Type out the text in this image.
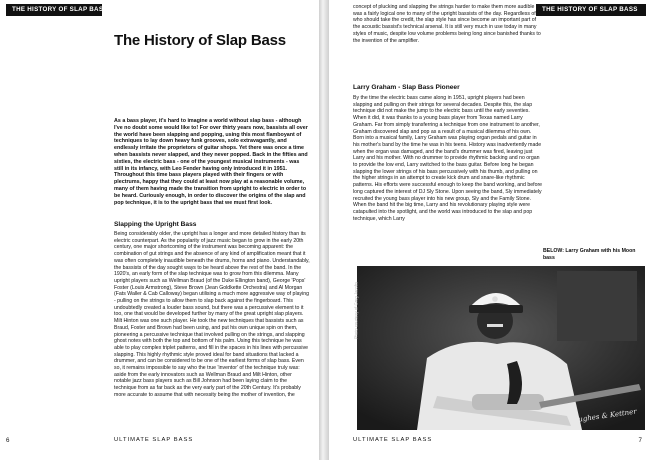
THE HISTORY OF SLAP BASS
The History of Slap Bass

As a bass player, it's hard to imagine a world without slap bass - although I've no doubt some would like to! For over thirty years now, bassists all over the world have been slapping and popping, using this most flamboyant of techniques to lay down heavy funk grooves, solo extravagantly, and endlessly irritate the proprietors of guitar shops. Yet there was once a time when bassists never slapped, and they never popped. Back in the fifties and sixties, the electric bass - one of the youngest musical instruments - was still in its infancy, with Leo Fender having only introduced it in 1951. Throughout this time bass players played with their fingers or with plectrums, happy that they could at least now play at a reasonable volume, many of them having made the transition from upright to electric in order to be heard. Curiously enough, in order to discover the origins of the slap and pop technique, it is to the upright bass that we must first look.

Slapping the Upright Bass

Being considerably older, the upright has a longer and more detailed history than its electric counterpart. As the popularity of jazz music began to grow in the early 20th century, one major shortcoming of the instrument was becoming apparent: the combination of gut strings and the absence of any kind of amplification meant that it was often completely inaudible beneath the drums, horns and piano. Understandably, the bassists of the day sought ways to be heard above the rest of the band. In the 1920's, an early form of the slap technique was to grow from this dilemma. Many upright players such as Wellman Braud (of the Duke Ellington band), George 'Pops' Foster (Louis Armstrong), Steve Brown (Jean Goldkette Orchestra) and Al Morgan (Fats Waller & Cab Calloway) began utilising a much more aggressive way of playing - pulling on the strings to allow them to slap back against the fingerboard. This undoubtedly created a louder bass sound, but there was a percussive element to it too, one that would be developed further by many of the great upright slap players. Milt Hinton was one such player. He took the new techniques that bassists such as Braud, Foster and Brown had been using, and put his own unique spin on them, pioneering a percussive technique that involved pulling on the strings, and slapping ghost notes with both the top and bottom of his palm. Using this technique he was able to play complex triplet patterns, and fill in the spaces in his lines with percussive slapping. This highly rhythmic style proved ideal for band situations that lacked a drummer, and can be considered to be one of the earliest forms of slap bass. Even so, it remains impossible to say who the true 'inventor' of the technique truly was: aside from the early innovators such as Wellman Braud and Milt Hinton, other notable jazz bass players such as Bill Johnson had been laying claim to the technique from as far back as the very early part of the 20th Century. It's probably more accurate to assume that with necessity being the mother of invention, the

6	ULTIMATE SLAP BASS
THE HISTORY OF SLAP BASS

concept of plucking and slapping the strings harder to make them more audible was a fairly logical one to many of the upright bassists of the day. Regardless of who should take the credit, the slap style has since become an important part of the acoustic bassist's technical arsenal. It is still very much in use today in many styles of music, despite low volume problems being long since banished thanks to the invention of the amplifier.

Larry Graham - Slap Bass Pioneer

By the time the electric bass came along in 1951, upright players had been slapping and pulling on their strings for several decades. Despite this, the slap technique did not make the jump to the electric bass until the early seventies. When it did, it was thanks to a young bass player from Texas named Larry Graham. Far from simply transferring a technique from one instrument to another, Graham discovered slap and pop as a result of a musical dilemma of his own. Born into a musical family, Larry Graham was playing organ pedals and guitar in his mother's band by the time he was in his teens. History was inadvertently made when the organ was damaged, and the band's drummer was fired, leaving just Larry and his mother. With no drummer to provide rhythmic backing and no organ to provide the low end, Larry switched to the bass guitar. Before long he began slapping the lower strings of his bass percussively with his thumb, and pulling on the higher strings in an attempt to create kick drum and snare-like rhythmic patterns. His efforts were successful enough to keep the band working, and before long captured the interest of DJ Sly Stone. Upon seeing the band, Sly immediately recruited the young bass player into his new group, Sly and the Family Stone. When the band hit the big time, Larry and his revolutionary playing style were catapulted into the spotlight, and the world was introduced to the slap and pop technique, which Larry

BELOW: Larry Graham with his Moon bass
Photo courtesy of Greg Jacobs
Hughes & Kettner
ULTIMATE SLAP BASS	7
